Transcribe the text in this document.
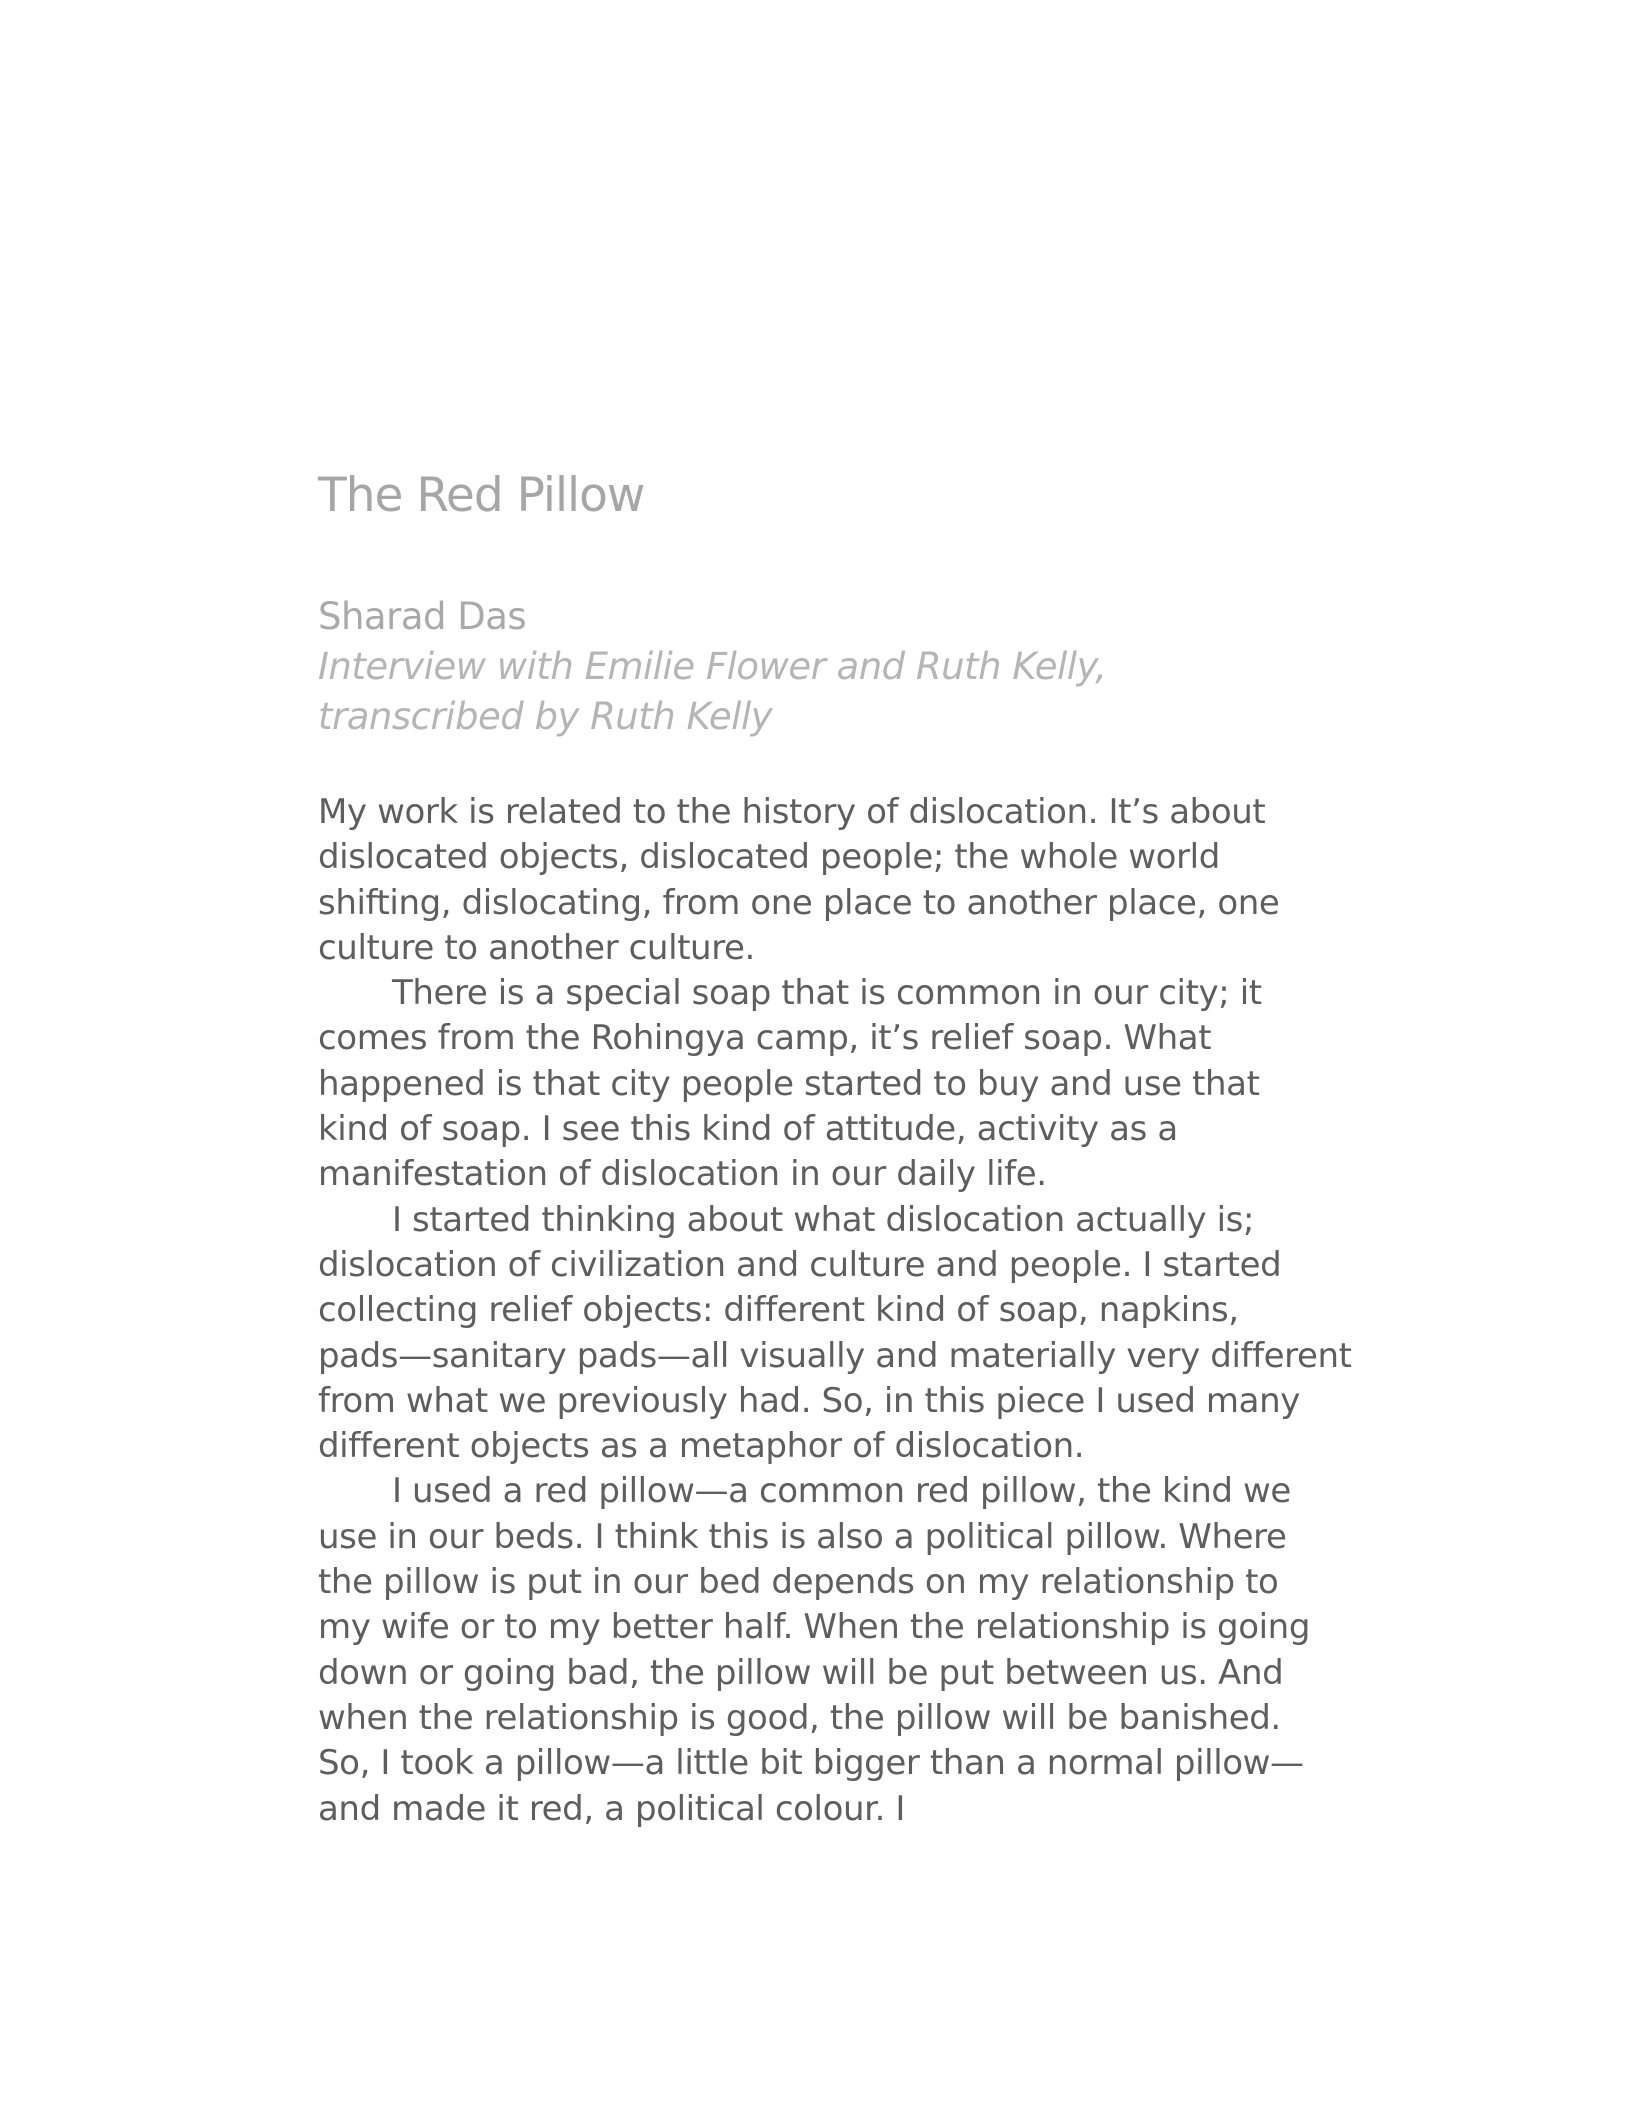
The Red Pillow
Sharad Das
Interview with Emilie Flower and Ruth Kelly,
transcribed by Ruth Kelly
My work is related to the history of dislocation. It’s about
dislocated objects, dislocated people; the whole world
shifting, dislocating, from one place to another place, one
culture to another culture.
There is a special soap that is common in our city; it
comes from the Rohingya camp, it’s relief soap. What
happened is that city people started to buy and use that
kind of soap. I see this kind of attitude, activity as a
manifestation of dislocation in our daily life.
I started thinking about what dislocation actually is;
dislocation of civilization and culture and people. I started
collecting relief objects: different kind of soap, napkins,
pads—sanitary pads—all visually and materially very different
from what we previously had. So, in this piece I used many
different objects as a metaphor of dislocation.
I used a red pillow—a common red pillow, the kind we
use in our beds. I think this is also a political pillow. Where
the pillow is put in our bed depends on my relationship to
my wife or to my better half. When the relationship is going
down or going bad, the pillow will be put between us. And
when the relationship is good, the pillow will be banished.
So, I took a pillow—a little bit bigger than a normal pillow—
and made it red, a political colour. I
